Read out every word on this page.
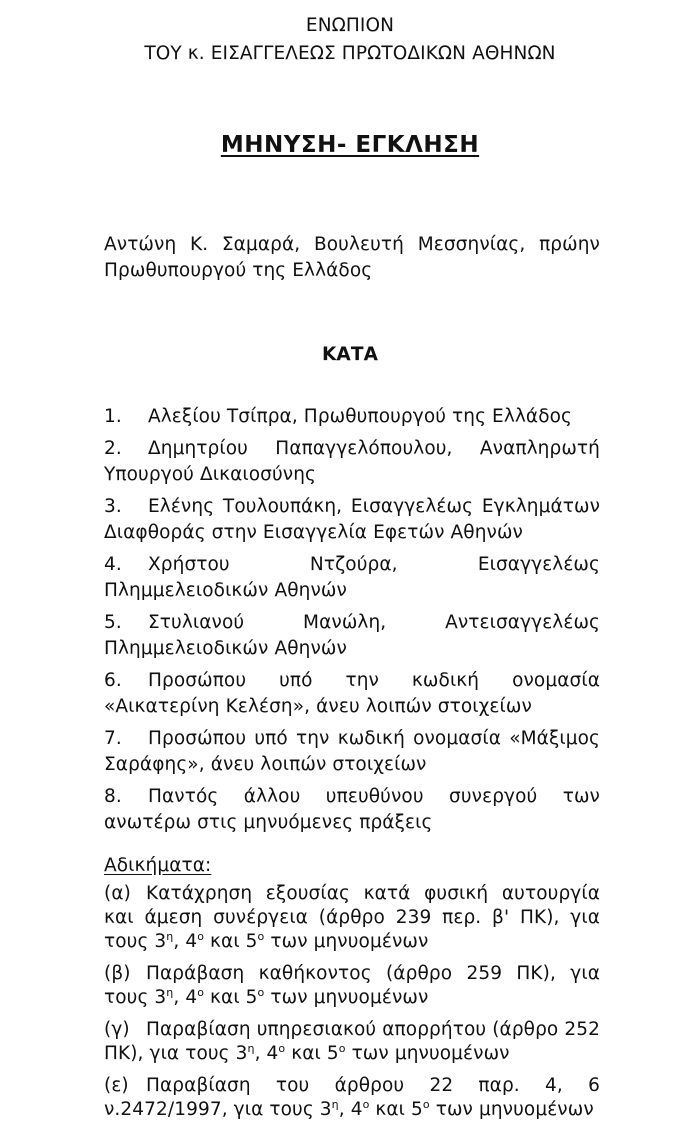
ΕΝΩΠΙΟΝ
ΤΟΥ κ. ΕΙΣΑΓΓΕΛΕΩΣ ΠΡΩΤΟΔΙΚΩΝ ΑΘΗΝΩΝ
ΜΗΝΥΣΗ- ΕΓΚΛΗΣΗ
Αντώνη Κ. Σαμαρά, Βουλευτή Μεσσηνίας, πρώην Πρωθυπουργού της Ελλάδος
ΚΑΤΑ
1. Αλεξίου Τσίπρα, Πρωθυπουργού της Ελλάδος
2. Δημητρίου Παπαγγελόπουλου, Αναπληρωτή Υπουργού Δικαιοσύνης
3. Ελένης Τουλουπάκη, Εισαγγελέως Εγκλημάτων Διαφθοράς στην Εισαγγελία Εφετών Αθηνών
4. Χρήστου Ντζούρα, Εισαγγελέως Πλημμελειοδικών Αθηνών
5. Στυλιανού Μανώλη, Αντεισαγγελέως Πλημμελειοδικών Αθηνών
6. Προσώπου υπό την κωδική ονομασία «Αικατερίνη Κελέση», άνευ λοιπών στοιχείων
7. Προσώπου υπό την κωδική ονομασία «Μάξιμος Σαράφης», άνευ λοιπών στοιχείων
8. Παντός άλλου υπευθύνου συνεργού των ανωτέρω στις μηνυόμενες πράξεις
Αδικήματα:
(α) Κατάχρηση εξουσίας κατά φυσική αυτουργία και άμεση συνέργεια (άρθρο 239 περ. β' ΠΚ), για τους $3^\eta$, $4^o$ και $5^o$ των μηνυομένων
(β) Παράβαση καθήκοντος (άρθρο 259 ΠΚ), για τους $3^\eta$, $4^o$ και $5^o$ των μηνυομένων
(γ) Παραβίαση υπηρεσιακού απορρήτου (άρθρο 252 ΠΚ), για τους $3^\eta$, $4^o$ και $5^o$ των μηνυομένων
(ε) Παραβίαση του άρθρου 22 παρ. 4, 6 ν.2472/1997, για τους $3^\eta$, $4^o$ και $5^o$ των μηνυομένων
